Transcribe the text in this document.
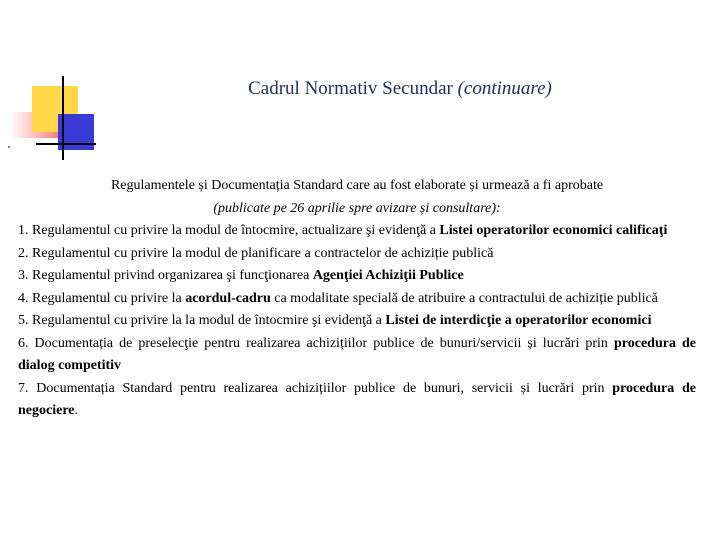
Cadrul Normativ Secundar (continuare)

Regulamentele și Documentația Standard care au fost elaborate și urmează a fi aprobate

(publicate pe 26 aprilie spre avizare și consultare):

1. Regulamentul cu privire la modul de întocmire, actualizare şi evidenţă a Listei operatorilor economici calificaţi

2. Regulamentul cu privire la modul de planificare a contractelor de achiziție publică

3. Regulamentul privind organizarea şi funcţionarea Agenţiei Achiziţii Publice

4. Regulamentul cu privire la acordul-cadru ca modalitate specială de atribuire a contractului de achiziție publică

5. Regulamentul cu privire la la modul de întocmire şi evidenţă a Listei de interdicţie a operatorilor economici

6. Documentația de preselecţie pentru realizarea achizițiilor publice de bunuri/servicii și lucrări prin procedura de dialog competitiv

7. Documentația Standard pentru realizarea achizițiilor publice de bunuri, servicii și lucrări prin procedura de negociere.
